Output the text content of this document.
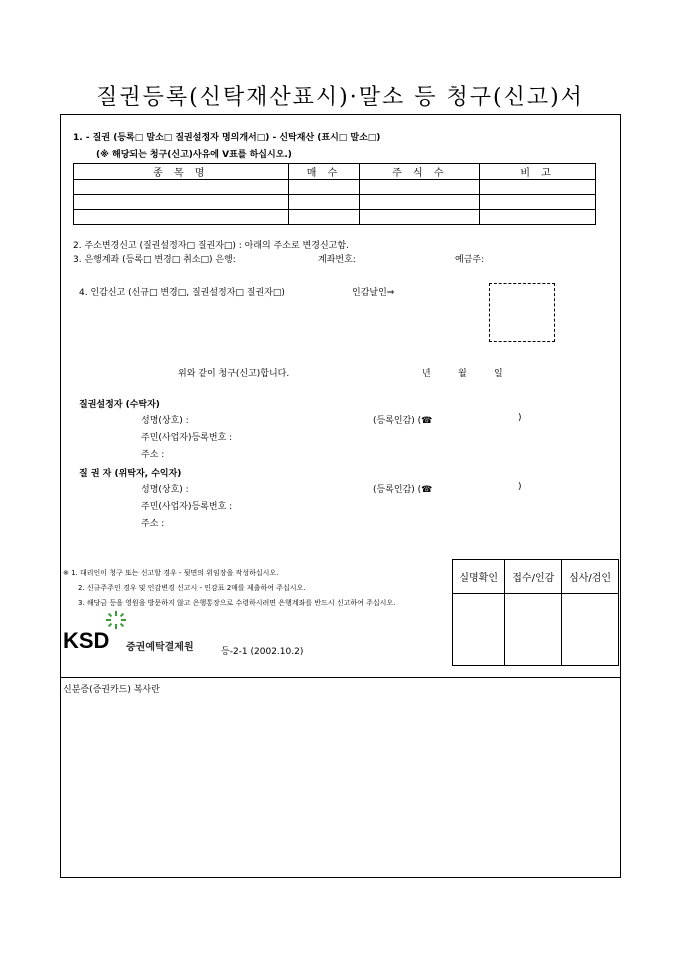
질권등록(신탁재산표시)·말소 등 청구(신고)서
1. - 질권 (등록□ 말소□ 질권설정자 명의개서□) - 신탁재산 (표시□ 말소□)
(※ 해당되는 청구(신고)사유에 V표를 하십시오.)
종 목 명	매 수	주 식 수	비 고

2. 주소변경신고 (질권설정자□ 질권자□) : 아래의 주소로 변경신고함.
3. 은행계좌 (등록□ 변경□ 취소□) 은행:	계좌번호:	예금주:
4. 인감신고 (신규□ 변경□, 질권설정자□ 질권자□)	인감날인⇒
위와 같이 청구(신고)합니다.	년	월	일
질권설정자 (수탁자)
성명(상호) :	(등록인감) (☎	)
주민(사업자)등록번호 :
주소 :
질 권 자 (위탁자, 수익자)
성명(상호) :	(등록인감) (☎	)
주민(사업자)등록번호 :
주소 :
※ 1. 대리인이 청구 또는 신고할 경우 - 뒷면의 위임장을 작성하십시오.
2. 신규주주인 경우 및 인감변경 신고시 - 인감표 2매를 제출하여 주십시오.
3. 해당금 등을 영원을 방문하지 않고 은행통장으로 수령하시려면 은행계좌를 반드시 신고하여 주십시오.
실명확인	접수/인감	심사/검인

KSD 증권예탁결제원	등-2-1 (2002.10.2)
신분증(증권카드) 복사란
